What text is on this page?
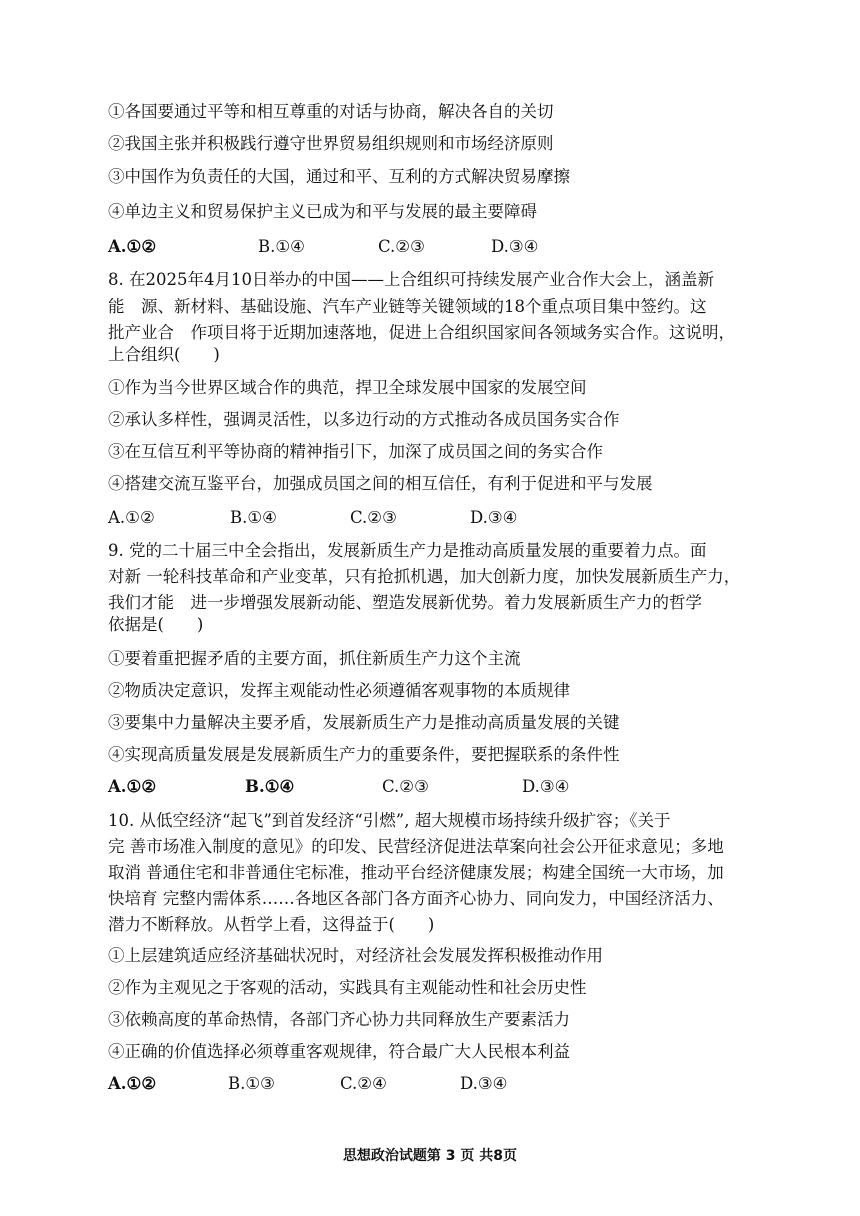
①各国要通过平等和相互尊重的对话与协商，解决各自的关切
②我国主张并积极践行遵守世界贸易组织规则和市场经济原则
③中国作为负责任的大国，通过和平、互利的方式解决贸易摩擦
④单边主义和贸易保护主义已成为和平与发展的最主要障碍
A.①②	B.①④	C.②③	D.③④
8. 在2025年4月10日举办的中国——上合组织可持续发展产业合作大会上，涵盖新
能　源、新材料、基础设施、汽车产业链等关键领域的18个重点项目集中签约。这
批产业合　作项目将于近期加速落地，促进上合组织国家间各领域务实合作。这说明，
上合组织(　　)
①作为当今世界区域合作的典范，捍卫全球发展中国家的发展空间
②承认多样性，强调灵活性，以多边行动的方式推动各成员国务实合作
③在互信互利平等协商的精神指引下，加深了成员国之间的务实合作
④搭建交流互鉴平台，加强成员国之间的相互信任，有利于促进和平与发展
A.①②	B.①④	C.②③	D.③④
9. 党的二十届三中全会指出，发展新质生产力是推动高质量发展的重要着力点。面
对新 一轮科技革命和产业变革，只有抢抓机遇，加大创新力度，加快发展新质生产力，
我们才能　进一步增强发展新动能、塑造发展新优势。着力发展新质生产力的哲学
依据是(　　)
①要着重把握矛盾的主要方面，抓住新质生产力这个主流
②物质决定意识，发挥主观能动性必须遵循客观事物的本质规律
③要集中力量解决主要矛盾，发展新质生产力是推动高质量发展的关键
④实现高质量发展是发展新质生产力的重要条件，要把握联系的条件性
A.①②	B.①④	C.②③	D.③④
10. 从低空经济“起飞”到首发经济“引燃”, 超大规模市场持续升级扩容；《关于
完 善市场准入制度的意见》的印发、民营经济促进法草案向社会公开征求意见；多地
取消 普通住宅和非普通住宅标准，推动平台经济健康发展；构建全国统一大市场，加
快培育 完整内需体系……各地区各部门各方面齐心协力、同向发力，中国经济活力、
潜力不断释放。从哲学上看，这得益于(　　)
①上层建筑适应经济基础状况时，对经济社会发展发挥积极推动作用
②作为主观见之于客观的活动，实践具有主观能动性和社会历史性
③依赖高度的革命热情，各部门齐心协力共同释放生产要素活力
④正确的价值选择必须尊重客观规律，符合最广大人民根本利益
A.①②	B.①③	C.②④	D.③④
思想政治试题第 3 页 共8页
